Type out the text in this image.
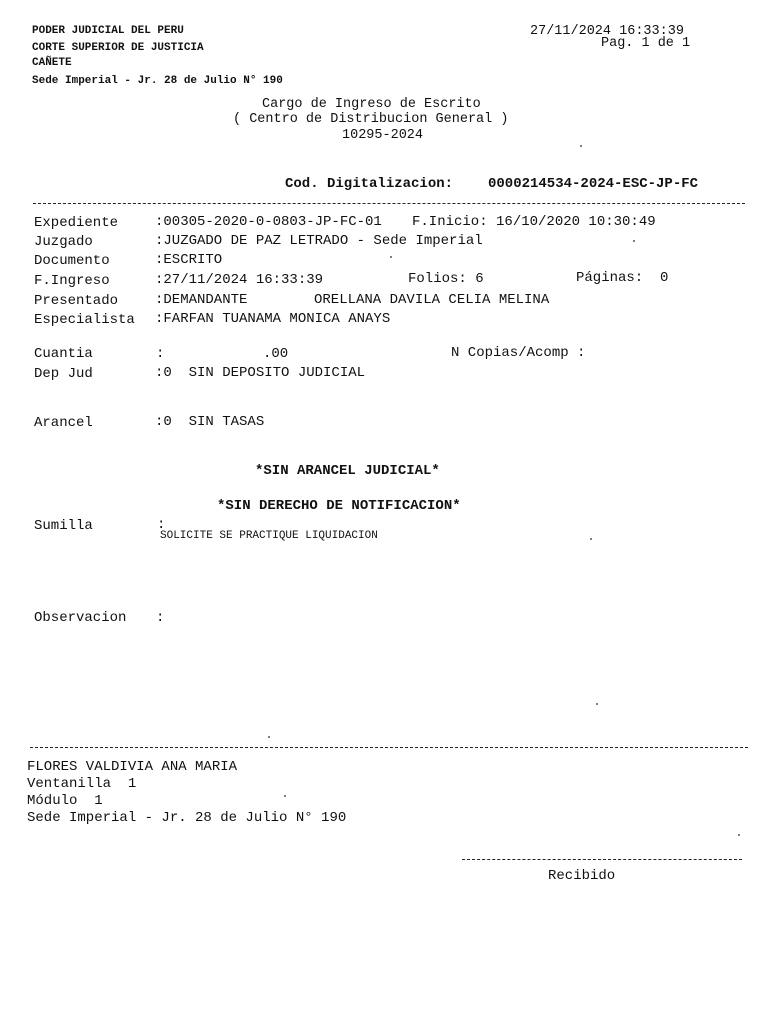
PODER JUDICIAL DEL PERU
CORTE SUPERIOR DE JUSTICIA
CAÑETE
Sede Imperial - Jr. 28 de Julio N° 190
27/11/2024 16:33:39
Pag. 1 de 1
Cargo de Ingreso de Escrito
( Centro de Distribucion General )
10295-2024
Cod. Digitalizacion: 0000214534-2024-ESC-JP-FC
Expediente	:00305-2020-0-0803-JP-FC-01 F.Inicio: 16/10/2020 10:30:49
Juzgado	:JUZGADO DE PAZ LETRADO - Sede Imperial
Documento	:ESCRITO
F.Ingreso	:27/11/2024 16:33:39	Folios: 6	Páginas:  0
Presentado	:DEMANDANTE	ORELLANA DAVILA CELIA MELINA
Especialista :FARFAN TUANAMA MONICA ANAYS
Cuantia	:	.00	N Copias/Acomp :
Dep Jud	:0  SIN DEPOSITO JUDICIAL
Arancel	:0  SIN TASAS
*SIN ARANCEL JUDICIAL*
*SIN DERECHO DE NOTIFICACION*
Sumilla	:
SOLICITE SE PRACTIQUE LIQUIDACION
Observacion :
FLORES VALDIVIA ANA MARIA
Ventanilla  1
Módulo  1
Sede Imperial - Jr. 28 de Julio N° 190
Recibido
